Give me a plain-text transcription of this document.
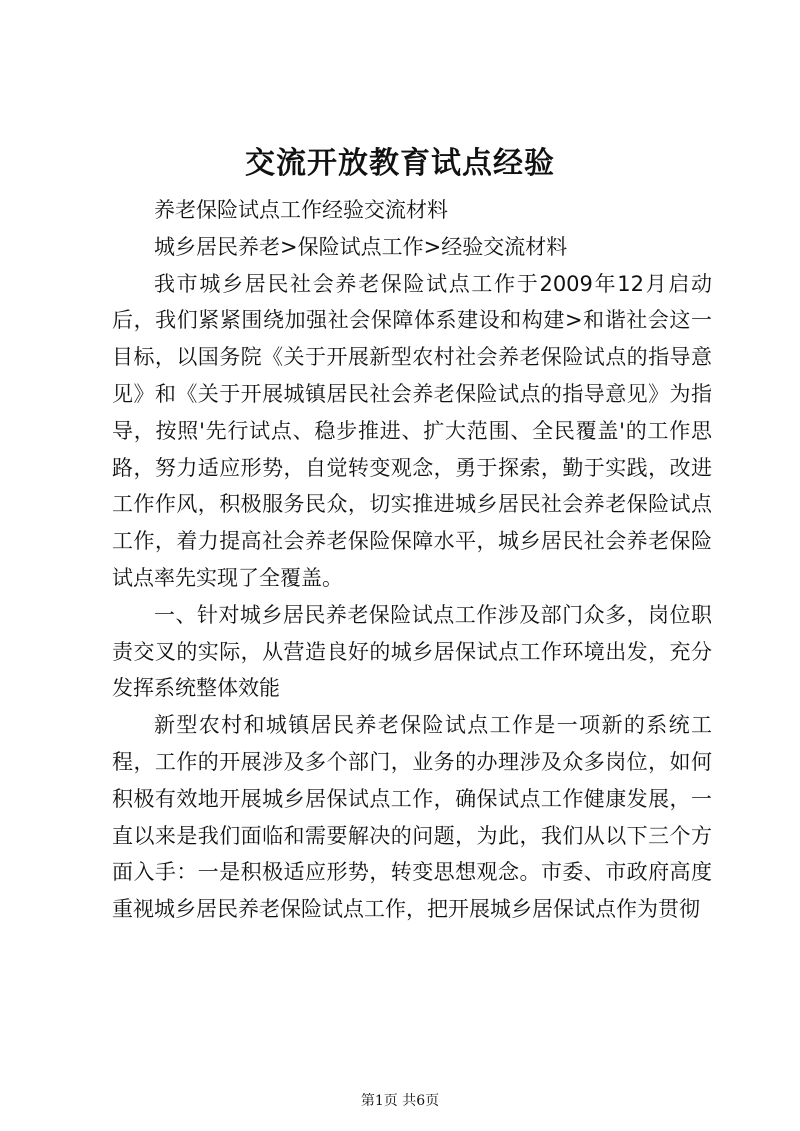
交流开放教育试点经验

养老保险试点工作经验交流材料

城乡居民养老>保险试点工作>经验交流材料

我市城乡居民社会养老保险试点工作于2009年12月启动后，我们紧紧围绕加强社会保障体系建设和构建>和谐社会这一目标，以国务院《关于开展新型农村社会养老保险试点的指导意见》和《关于开展城镇居民社会养老保险试点的指导意见》为指导，按照'先行试点、稳步推进、扩大范围、全民覆盖'的工作思路，努力适应形势，自觉转变观念，勇于探索，勤于实践，改进工作作风，积极服务民众，切实推进城乡居民社会养老保险试点工作，着力提高社会养老保险保障水平，城乡居民社会养老保险试点率先实现了全覆盖。

一、针对城乡居民养老保险试点工作涉及部门众多，岗位职责交叉的实际，从营造良好的城乡居保试点工作环境出发，充分发挥系统整体效能

新型农村和城镇居民养老保险试点工作是一项新的系统工程，工作的开展涉及多个部门，业务的办理涉及众多岗位，如何积极有效地开展城乡居保试点工作，确保试点工作健康发展，一直以来是我们面临和需要解决的问题，为此，我们从以下三个方面入手：一是积极适应形势，转变思想观念。市委、市政府高度重视城乡居民养老保险试点工作，把开展城乡居保试点作为贯彻

第1页 共6页
